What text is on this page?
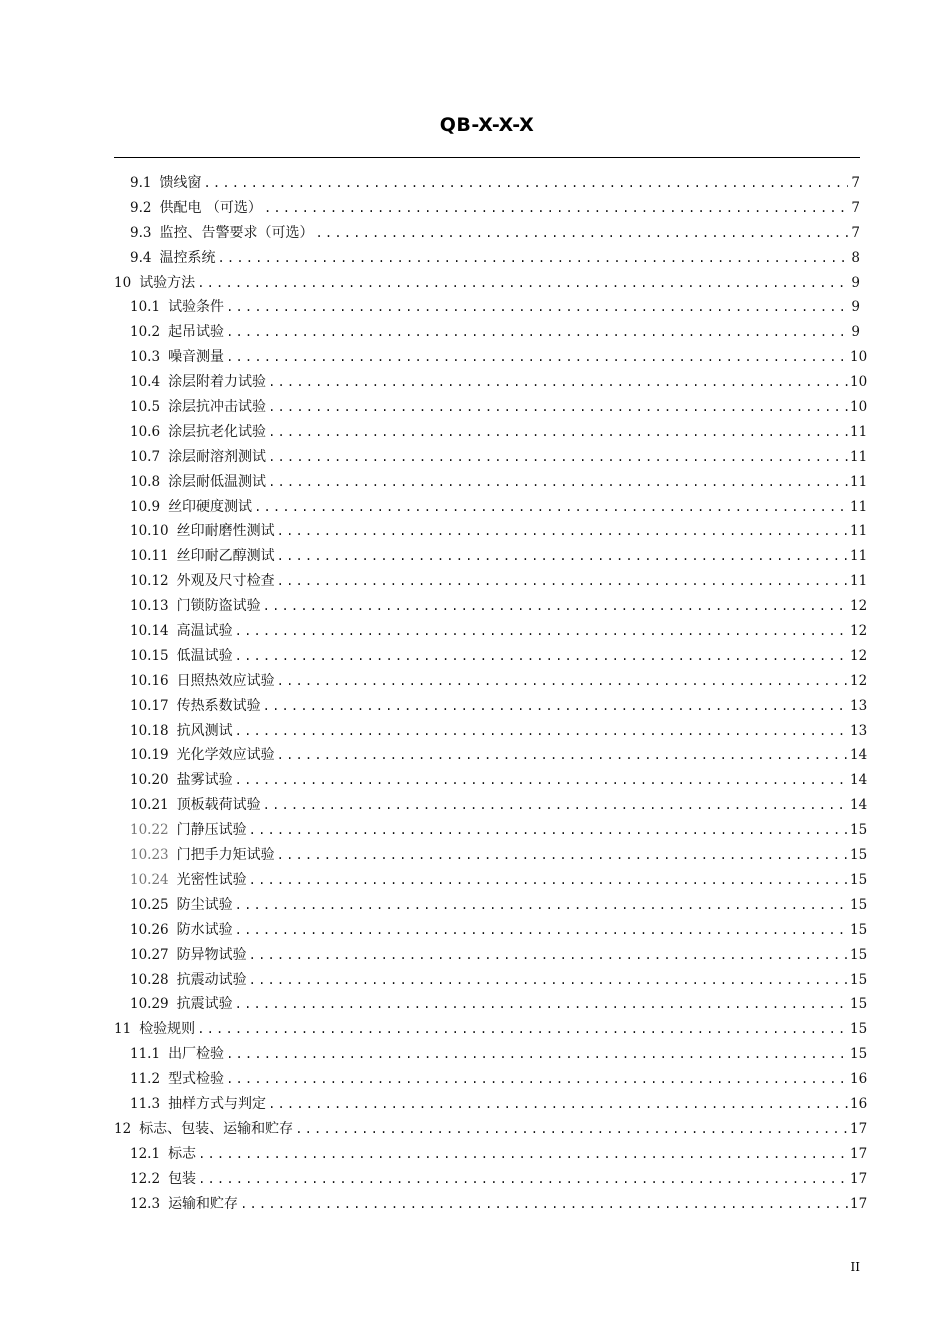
QB-X-X-X
9.1 馈线窗 .....	7
9.2 供配电 （可选） .....	7
9.3 监控、告警要求（可选） .....	7
9.4 温控系统 .....	8
10 试验方法 .....	9
10.1 试验条件 .....	9
10.2 起吊试验 .....	9
10.3 噪音测量 .....	10
10.4 涂层附着力试验 .....	10
10.5 涂层抗冲击试验 .....	10
10.6 涂层抗老化试验 .....	11
10.7 涂层耐溶剂测试 .....	11
10.8 涂层耐低温测试 .....	11
10.9 丝印硬度测试 .....	11
10.10 丝印耐磨性测试 .....	11
10.11 丝印耐乙醇测试 .....	11
10.12 外观及尺寸检查 .....	11
10.13 门锁防盗试验 .....	12
10.14 高温试验 .....	12
10.15 低温试验 .....	12
10.16 日照热效应试验 .....	12
10.17 传热系数试验 .....	13
10.18 抗风测试 .....	13
10.19 光化学效应试验 .....	14
10.20 盐雾试验 .....	14
10.21 顶板载荷试验 .....	14
10.22 门静压试验 .....	15
10.23 门把手力矩试验 .....	15
10.24 光密性试验 .....	15
10.25 防尘试验 .....	15
10.26 防水试验 .....	15
10.27 防异物试验 .....	15
10.28 抗震动试验 .....	15
10.29 抗震试验 .....	15
11 检验规则 .....	15
11.1 出厂检验 .....	15
11.2 型式检验 .....	16
11.3 抽样方式与判定 .....	16
12 标志、包装、运输和贮存 .....	17
12.1 标志 .....	17
12.2 包装 .....	17
12.3 运输和贮存 .....	17
II
